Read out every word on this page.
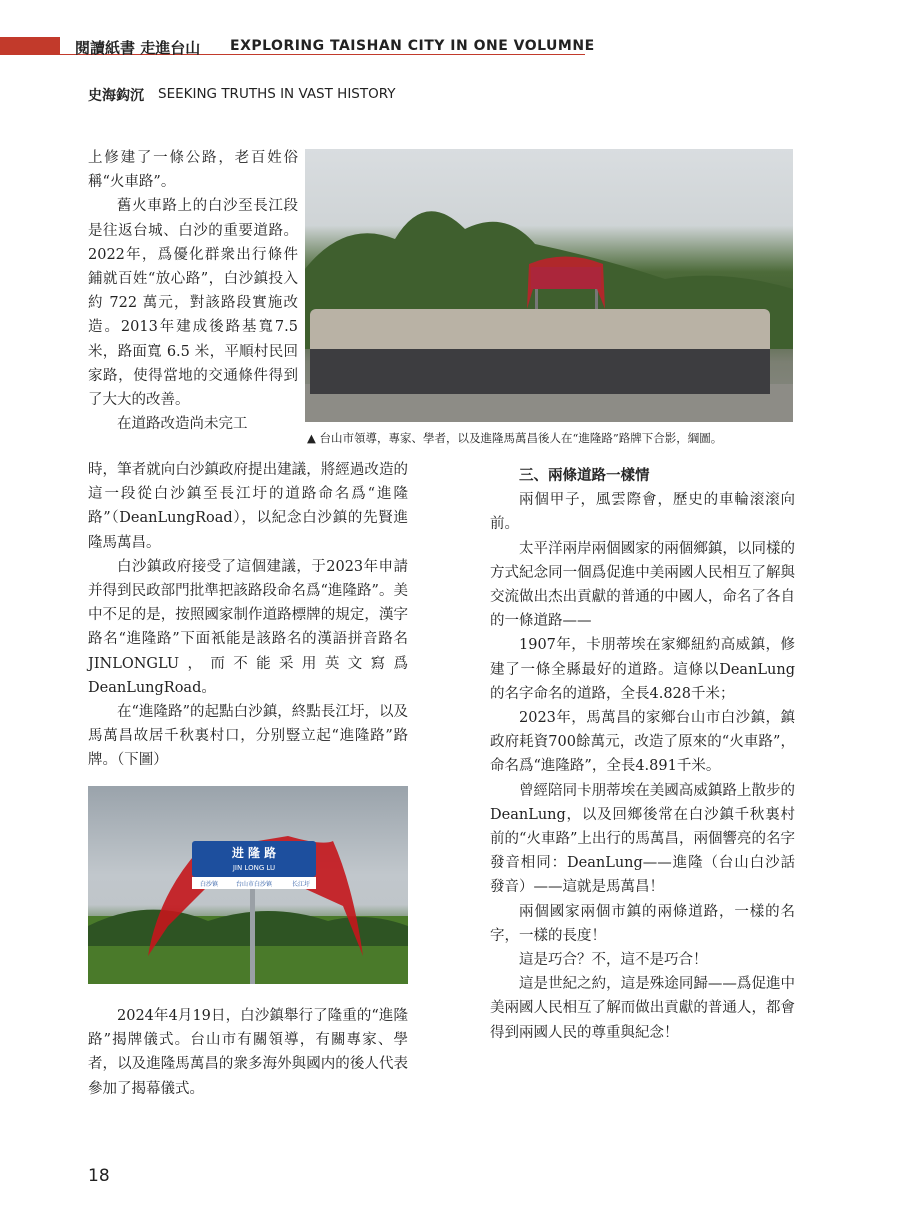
閱讀紙書 走進台山 EXPLORING TAISHAN CITY IN ONE VOLUMNE
史海鈎沉 SEEKING TRUTHS IN VAST HISTORY

上修建了一條公路，老百姓俗稱“火車路”。

舊火車路上的白沙至長江段是往返台城、白沙的重要道路。2022年，爲優化群衆出行條件鋪就百姓“放心路”，白沙鎮投入約 722 萬元，對該路段實施改造。2013年建成後路基寬7.5米，路面寬 6.5 米，平順村民回家路，使得當地的交通條件得到了大大的改善。

在道路改造尚未完工

時，筆者就向白沙鎮政府提出建議，將經過改造的這一段從白沙鎮至長江圩的道路命名爲“進隆路”（DeanLungRoad），以紀念白沙鎮的先賢進隆馬萬昌。

白沙鎮政府接受了這個建議，于2023年申請并得到民政部門批準把該路段命名爲“進隆路”。美中不足的是，按照國家制作道路標牌的規定，漢字路名“進隆路”下面衹能是該路名的漢語拼音路名JINLONGLU，而不能采用英文寫爲 DeanLungRoad。

在“進隆路”的起點白沙鎮，終點長江圩，以及馬萬昌故居千秋裏村口，分别豎立起“進隆路”路牌。（下圖）

▲ 台山市領導，專家、學者，以及進隆馬萬昌後人在“進隆路”路牌下合影，綱圖。
进 隆 路
JIN LONG LU
白沙镇	台山市白沙镇	长江圩

2024年4月19日，白沙鎮舉行了隆重的“進隆路”揭牌儀式。台山市有關領導，有關專家、學者，以及進隆馬萬昌的衆多海外與國内的後人代表參加了揭幕儀式。

三、兩條道路一樣情

兩個甲子，風雲際會，歷史的車輪滚滚向前。

太平洋兩岸兩個國家的兩個鄉鎮，以同樣的方式紀念同一個爲促進中美兩國人民相互了解與交流做出杰出貢獻的普通的中國人，命名了各自的一條道路——

1907年，卡朋蒂埃在家鄉紐約高威鎮，修建了一條全縣最好的道路。這條以DeanLung的名字命名的道路，全長4.828千米；

2023年，馬萬昌的家鄉台山市白沙鎮，鎮政府耗資700餘萬元，改造了原來的“火車路”，命名爲“進隆路”，全長4.891千米。

曾經陪同卡朋蒂埃在美國高威鎮路上散步的DeanLung，以及回鄉後常在白沙鎮千秋裏村前的“火車路”上出行的馬萬昌，兩個響亮的名字發音相同：DeanLung——進隆（台山白沙話發音）——這就是馬萬昌！

兩個國家兩個市鎮的兩條道路，一樣的名字，一樣的長度！

這是巧合？不，這不是巧合！

這是世紀之約，這是殊途同歸——爲促進中美兩國人民相互了解而做出貢獻的普通人，都會得到兩國人民的尊重與紀念！

18
